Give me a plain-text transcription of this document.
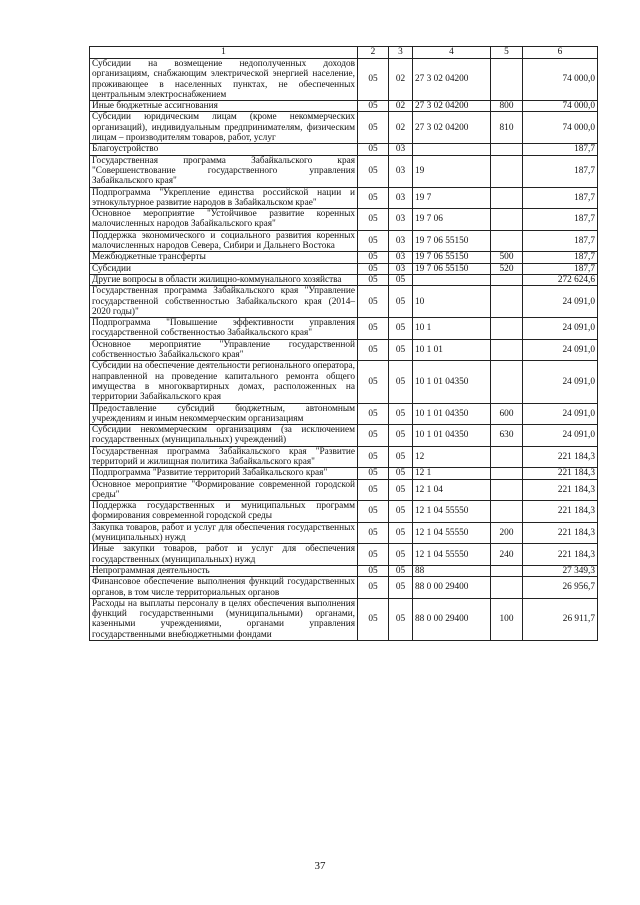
1	2	3	4	5	6
Субсидии на возмещение недополученных доходов организациям, снабжающим электрической энергией население, проживающее в населенных пунктах, не обеспеченных центральным электроснабжением	05	02	27 3 02 04200		74 000,0
Иные бюджетные ассигнования	05	02	27 3 02 04200	800	74 000,0
Субсидии юридическим лицам (кроме некоммерческих организаций), индивидуальным предпринимателям, физическим лицам – производителям товаров, работ, услуг	05	02	27 3 02 04200	810	74 000,0
Благоустройство	05	03			187,7
Государственная программа Забайкальского края "Совершенствование государственного управления Забайкальского края"	05	03	19		187,7
Подпрограмма "Укрепление единства российской нации и этнокультурное развитие народов в Забайкальском крае"	05	03	19 7		187,7
Основное мероприятие "Устойчивое развитие коренных малочисленных народов Забайкальского края"	05	03	19 7 06		187,7
Поддержка экономического и социального развития коренных малочисленных народов Севера, Сибири и Дальнего Востока	05	03	19 7 06 55150		187,7
Межбюджетные трансферты	05	03	19 7 06 55150	500	187,7
Субсидии	05	03	19 7 06 55150	520	187,7
Другие вопросы в области жилищно-коммунального хозяйства	05	05			272 624,6
Государственная программа Забайкальского края "Управление государственной собственностью Забайкальского края (2014–2020 годы)"	05	05	10		24 091,0
Подпрограмма "Повышение эффективности управления государственной собственностью Забайкальского края"	05	05	10 1		24 091,0
Основное мероприятие "Управление государственной собственностью Забайкальского края"	05	05	10 1 01		24 091,0
Субсидии на обеспечение деятельности регионального оператора, направленной на проведение капитального ремонта общего имущества в многоквартирных домах, расположенных на территории Забайкальского края	05	05	10 1 01 04350		24 091,0
Предоставление субсидий бюджетным, автономным учреждениям и иным некоммерческим организациям	05	05	10 1 01 04350	600	24 091,0
Субсидии некоммерческим организациям (за исключением государственных (муниципальных) учреждений)	05	05	10 1 01 04350	630	24 091,0
Государственная программа Забайкальского края "Развитие территорий и жилищная политика Забайкальского края"	05	05	12		221 184,3
Подпрограмма "Развитие территорий Забайкальского края"	05	05	12 1		221 184,3
Основное мероприятие "Формирование современной городской среды"	05	05	12 1 04		221 184,3
Поддержка государственных и муниципальных программ формирования современной городской среды	05	05	12 1 04 55550		221 184,3
Закупка товаров, работ и услуг для обеспечения государственных (муниципальных) нужд	05	05	12 1 04 55550	200	221 184,3
Иные закупки товаров, работ и услуг для обеспечения государственных (муниципальных) нужд	05	05	12 1 04 55550	240	221 184,3
Непрограммная деятельность	05	05	88		27 349,3
Финансовое обеспечение выполнения функций государственных органов, в том числе территориальных органов	05	05	88 0 00 29400		26 956,7
Расходы на выплаты персоналу в целях обеспечения выполнения функций государственными (муниципальными) органами, казенными учреждениями, органами управления государственными внебюджетными фондами	05	05	88 0 00 29400	100	26 911,7
37
